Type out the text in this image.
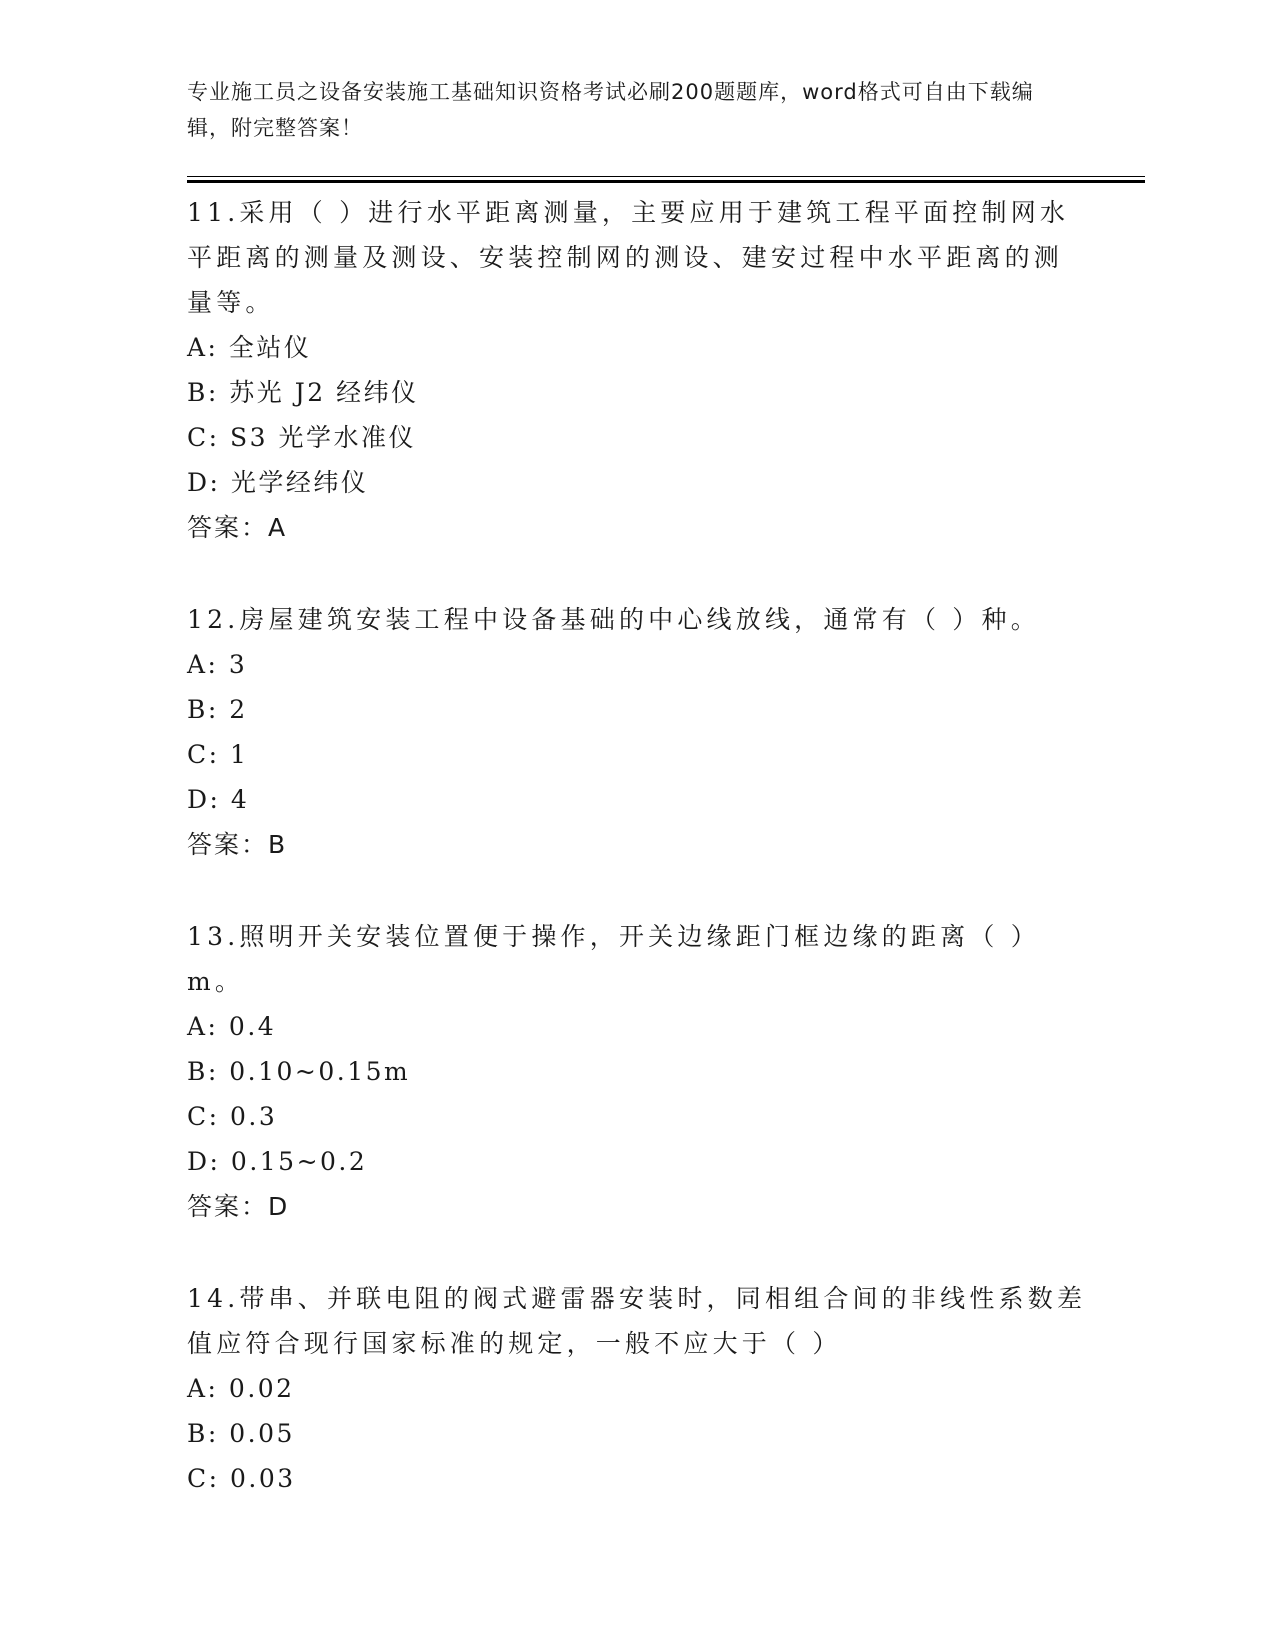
专业施工员之设备安装施工基础知识资格考试必刷200题题库，word格式可自由下载编辑，附完整答案！
11.采用（ ）进行水平距离测量，主要应用于建筑工程平面控制网水平距离的测量及测设、安装控制网的测设、建安过程中水平距离的测量等。
A: 全站仪
B: 苏光 J2 经纬仪
C: S3 光学水准仪
D: 光学经纬仪
答案：A
12.房屋建筑安装工程中设备基础的中心线放线，通常有（ ）种。
A: 3
B: 2
C: 1
D: 4
答案：B
13.照明开关安装位置便于操作，开关边缘距门框边缘的距离（ ）m。
A: 0.4
B: 0.10~0.15m
C: 0.3
D: 0.15~0.2
答案：D
14.带串、并联电阻的阀式避雷器安装时，同相组合间的非线性系数差值应符合现行国家标准的规定，一般不应大于（ ）
A: 0.02
B: 0.05
C: 0.03
